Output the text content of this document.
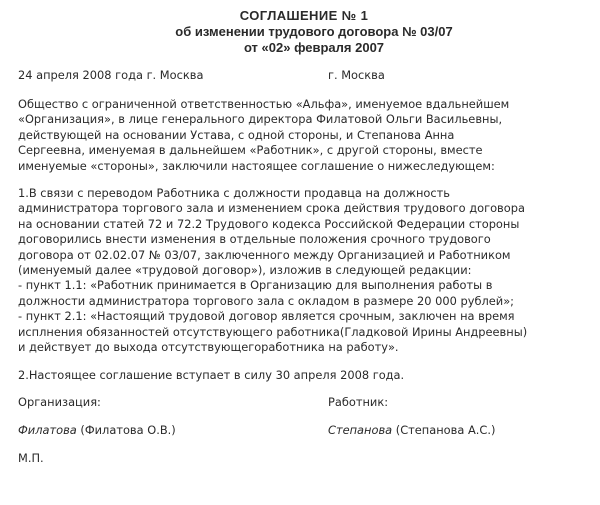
СОГЛАШЕНИЕ № 1
об изменении трудового договора № 03/07
от «02» февраля 2007
24 апреля 2008 года г. Москва	г. Москва
Общество с ограниченной ответственностью «Альфа», именуемое вдальнейшем
«Организация», в лице генерального директора Филатовой Ольги Васильевны,
действующей на основании Устава, с одной стороны, и Степанова Анна
Сергеевна, именуемая в дальнейшем «Работник», с другой стороны, вместе
именуемые «стороны», заключили настоящее соглашение о нижеследующем:
1.В связи с переводом Работника с должности продавца на должность
администратора торгового зала и изменением срока действия трудового договора
на основании статей 72 и 72.2 Трудового кодекса Российской Федерации стороны
договорились внести изменения в отдельные положения срочного трудового
договора от 02.02.07 № 03/07, заключенного между Организацией и Работником
(именуемый далее «трудовой договор»), изложив в следующей редакции:
- пункт 1.1: «Работник принимается в Организацию для выполнения работы в
должности администратора торгового зала с окладом в размере 20 000 рублей»;
- пункт 2.1: «Настоящий трудовой договор является срочным, заключен на время
исплнения обязанностей отсутствующего работника(Гладковой Ирины Андреевны)
и действует до выхода отсутствующегоработника на работу».
2.Настоящее соглашение вступает в силу 30 апреля 2008 года.
Организация:	Работник:
Филатова (Филатова О.В.)	Степанова (Степанова А.С.)
М.П.
